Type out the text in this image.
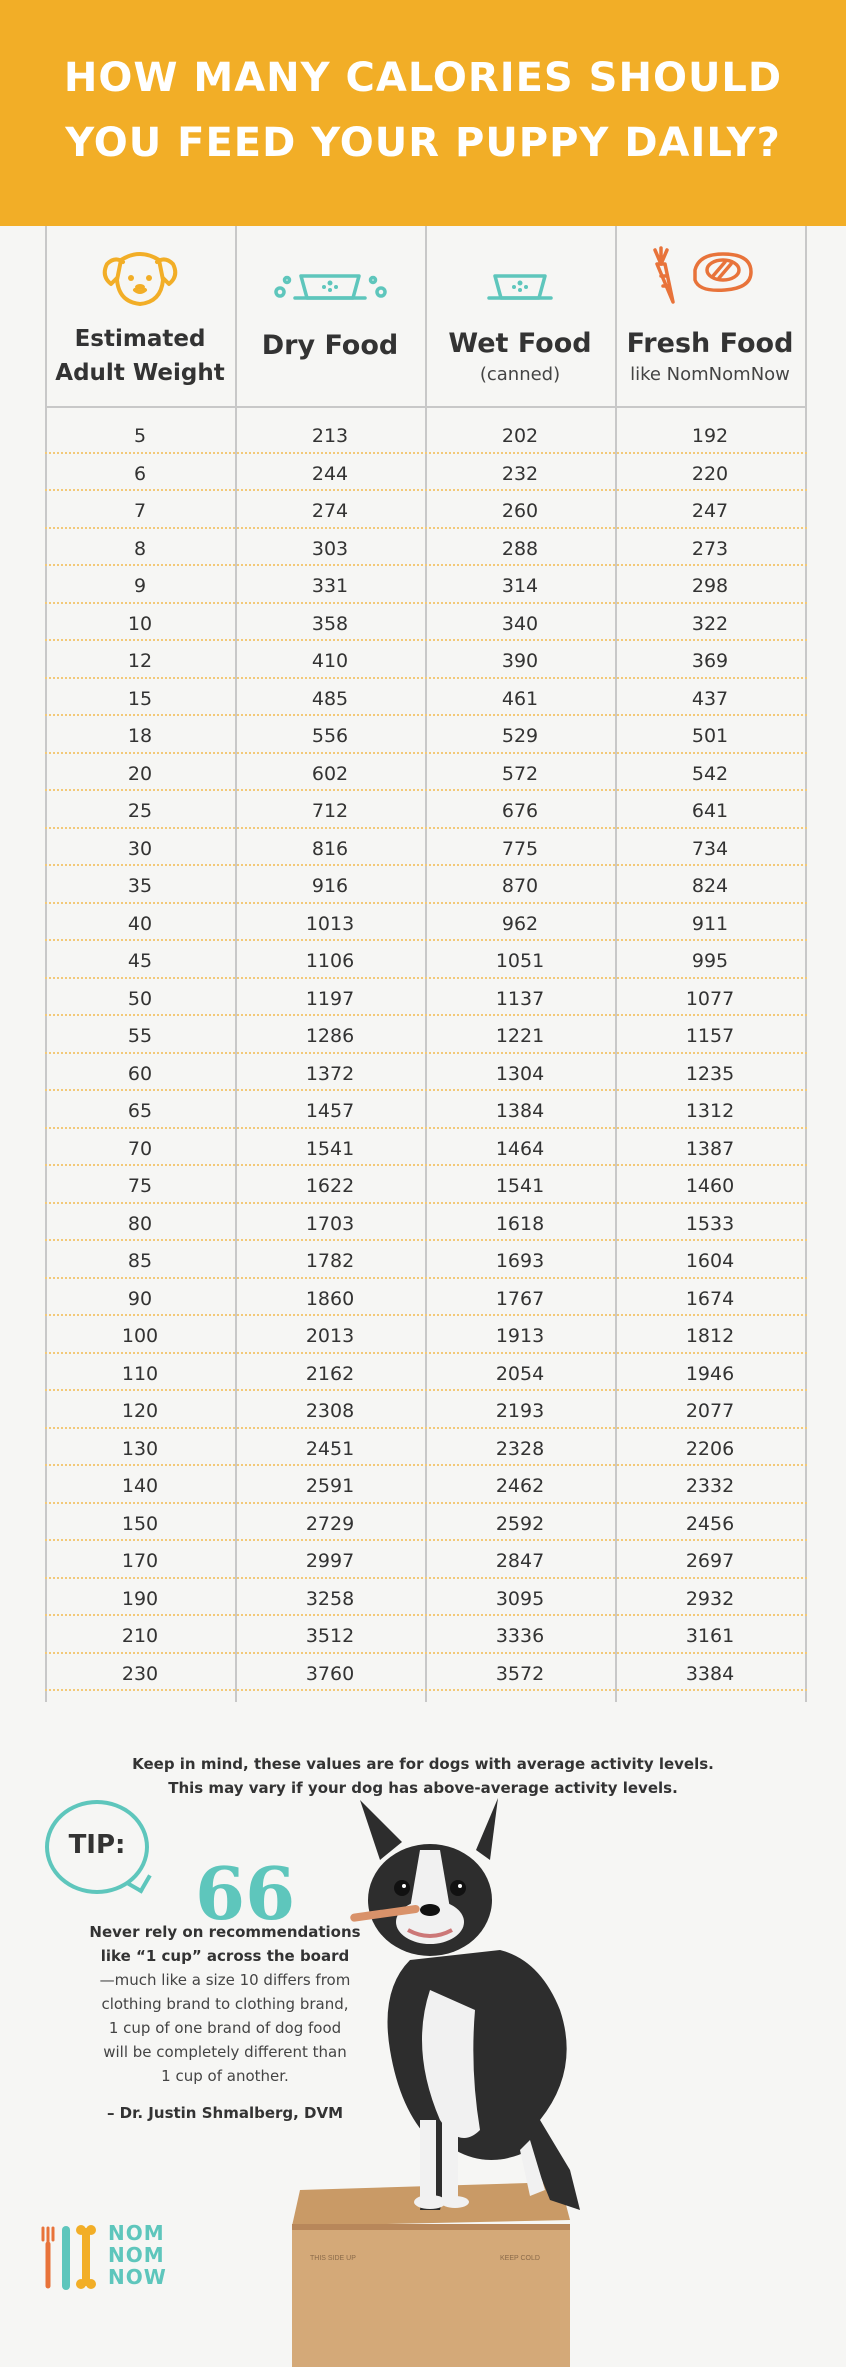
HOW MANY CALORIES SHOULD
YOU FEED YOUR PUPPY DAILY?
Estimated
Adult Weight
Dry Food	Wet Food
(canned)
Fresh Food
like NomNomNow
5	213	202	192
6	244	232	220
7	274	260	247
8	303	288	273
9	331	314	298
10	358	340	322
12	410	390	369
15	485	461	437
18	556	529	501
20	602	572	542
25	712	676	641
30	816	775	734
35	916	870	824
40	1013	962	911
45	1106	1051	995
50	1197	1137	1077
55	1286	1221	1157
60	1372	1304	1235
65	1457	1384	1312
70	1541	1464	1387
75	1622	1541	1460
80	1703	1618	1533
85	1782	1693	1604
90	1860	1767	1674
100	2013	1913	1812
110	2162	2054	1946
120	2308	2193	2077
130	2451	2328	2206
140	2591	2462	2332
150	2729	2592	2456
170	2997	2847	2697
190	3258	3095	2932
210	3512	3336	3161
230	3760	3572	3384
Keep in mind, these values are for dogs with average activity levels.
This may vary if your dog has above-average activity levels.
TIP:
66
Never rely on recommendations
like “1 cup” across the board
—much like a size 10 differs from
clothing brand to clothing brand,
1 cup of one brand of dog food
will be completely different than
1 cup of another.
– Dr. Justin Shmalberg, DVM
THIS SIDE UP	KEEP COLD
NOM
NOM
NOW
